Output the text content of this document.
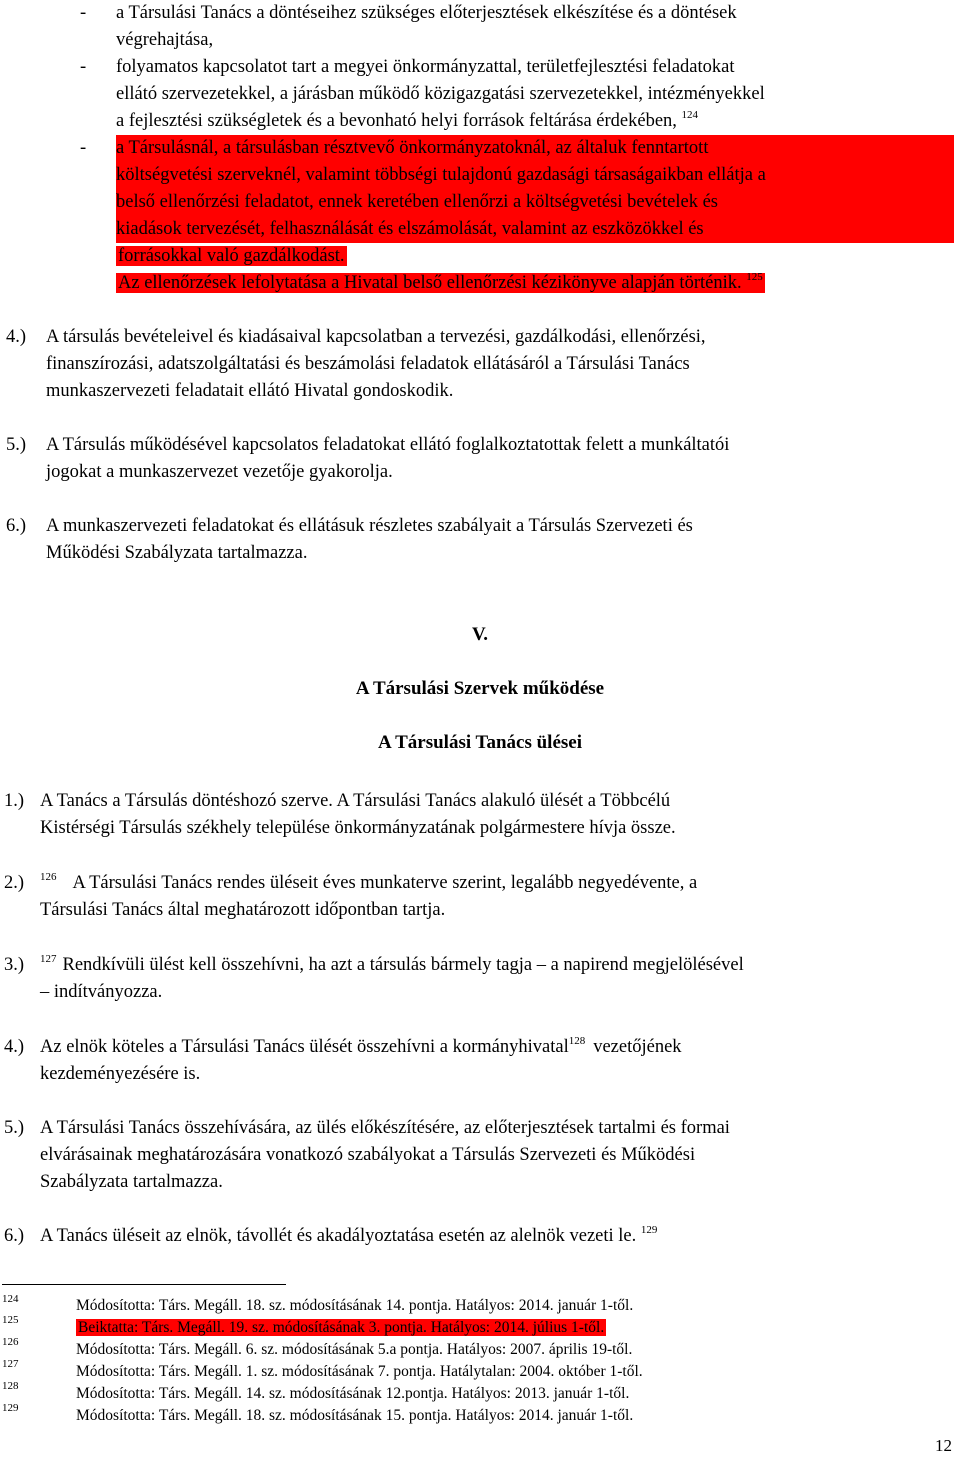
- a Társulási Tanács a döntéseihez szükséges előterjesztések elkészítése és a döntések
végrehajtása,
- folyamatos kapcsolatot tart a megyei önkormányzattal, területfejlesztési feladatokat
ellátó szervezetekkel, a járásban működő közigazgatási szervezetekkel, intézményekkel
a fejlesztési szükségletek és a bevonható helyi források feltárása érdekében, $^{124}$
- a Társulásnál, a társulásban résztvevő önkormányzatoknál, az általuk fenntartott
költségvetési szerveknél, valamint többségi tulajdonú gazdasági társaságaikban ellátja a
belső ellenőrzési feladatot, ennek keretében ellenőrzi a költségvetési bevételek és
kiadások tervezését, felhasználását és elszámolását, valamint az eszközökkel és
forrásokkal való gazdálkodást.
Az ellenőrzések lefolytatása a Hivatal belső ellenőrzési kézikönyve alapján történik. $^{125}$
4.) A társulás bevételeivel és kiadásaival kapcsolatban a tervezési, gazdálkodási, ellenőrzési,
finanszírozási, adatszolgáltatási és beszámolási feladatok ellátásáról a Társulási Tanács
munkaszervezeti feladatait ellátó Hivatal gondoskodik.
5.) A Társulás működésével kapcsolatos feladatokat ellátó foglalkoztatottak felett a munkáltatói
jogokat a munkaszervezet vezetője gyakorolja.
6.) A munkaszervezeti feladatokat és ellátásuk részletes szabályait a Társulás Szervezeti és
Működési Szabályzata tartalmazza.
V.
A Társulási Szervek működése
A Társulási Tanács ülései
1.) A Tanács a Társulás döntéshozó szerve. A Társulási Tanács alakuló ülését a Többcélú
Kistérségi Társulás székhely települése önkormányzatának polgármestere hívja össze.
2.) $^{126}$ A Társulási Tanács rendes üléseit éves munkaterve szerint, legalább negyedévente, a
Társulási Tanács által meghatározott időpontban tartja.
3.) $^{127}$ Rendkívüli ülést kell összehívni, ha azt a társulás bármely tagja – a napirend megjelölésével
– indítványozza.
4.) Az elnök köteles a Társulási Tanács ülését összehívni a kormányhivatal$^{128}$ vezetőjének
kezdeményezésére is.
5.) A Társulási Tanács összehívására, az ülés előkészítésére, az előterjesztések tartalmi és formai
elvárásainak meghatározására vonatkozó szabályokat a Társulás Szervezeti és Működési
Szabályzata tartalmazza.
6.) A Tanács üléseit az elnök, távollét és akadályoztatása esetén az alelnök vezeti le. $^{129}$
124	Módosította: Társ. Megáll. 18. sz. módosításának 14. pontja. Hatályos: 2014. január 1-től.
125	Beiktatta: Társ. Megáll. 19. sz. módosításának 3. pontja. Hatályos: 2014. július 1-től.
126	Módosította: Társ. Megáll. 6. sz. módosításának 5.a pontja. Hatályos: 2007. április 19-től.
127	Módosította: Társ. Megáll. 1. sz. módosításának 7. pontja. Hatálytalan: 2004. október 1-től.
128	Módosította: Társ. Megáll. 14. sz. módosításának 12.pontja. Hatályos: 2013. január 1-től.
129	Módosította: Társ. Megáll. 18. sz. módosításának 15. pontja. Hatályos: 2014. január 1-től.
12
